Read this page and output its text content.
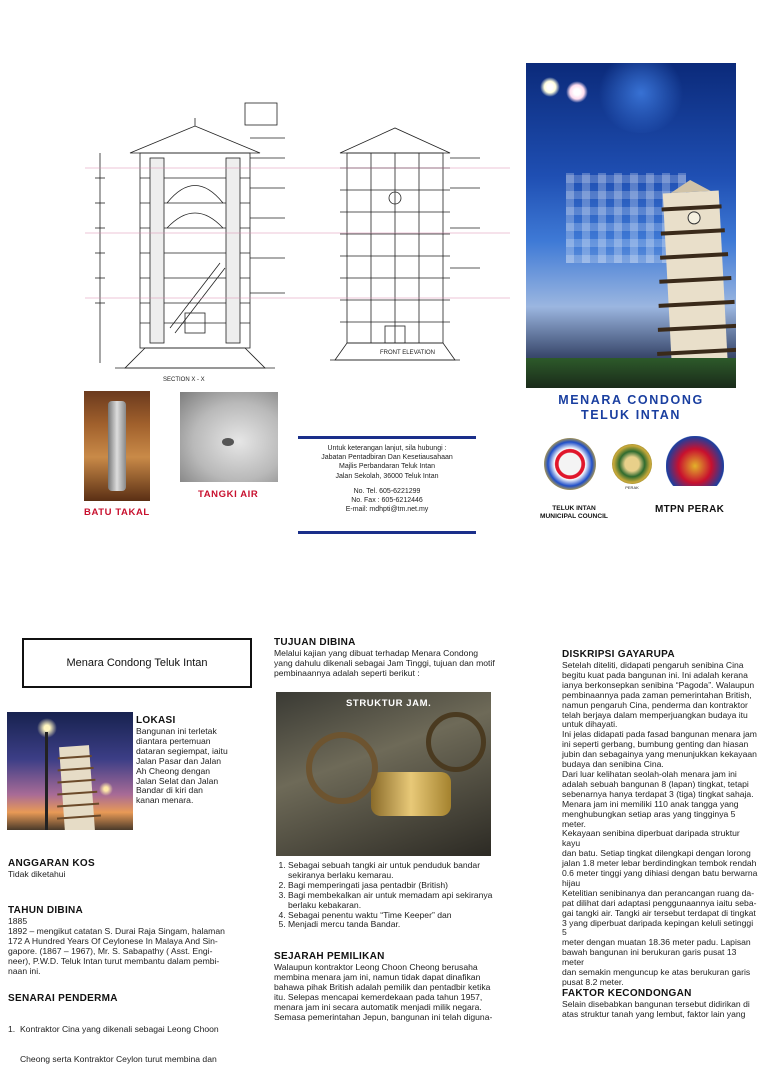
SECTION X - X
FRONT ELEVATION
BATU TAKAL
TANGKI AIR
Untuk keterangan lanjut, sila hubungi :
Jabatan Pentadbiran Dan Kesetiausahaan
Majlis Perbandaran Teluk Intan
Jalan Sekolah, 36000 Teluk Intan
No. Tel. 605-6221299
No. Fax : 605-6212446
E-mail: mdhpti@tm.net.my
MENARA CONDONG
TELUK INTAN
PERAK
TELUK INTAN
MUNICIPAL COUNCIL
MTPN PERAK
Menara Condong Teluk Intan
LOKASI

Bangunan ini terletak

diantara pertemuan

dataran segiempat, iaitu

Jalan Pasar dan Jalan

Ah Cheong dengan

Jalan Selat dan Jalan

Bandar di kiri dan

kanan menara.

ANGGARAN KOS
Tidak diketahui
TAHUN DIBINA

1885

1892 – mengikut catatan S. Durai Raja Singam, halaman

172 A Hundred Years Of Ceylonese In Malaya And Sin-

gapore. (1867 – 1967), Mr. S. Sabapathy ( Asst. Engi-

neer), P.W.D. Teluk Intan turut membantu dalam pembi-

naan ini.

SENARAI PENDERMA

1.  Kontraktor Cina yang dikenali sebagai Leong Choon

Cheong serta Kontraktor Ceylon turut membina dan

TUJUAN DIBINA

Melalui kajian yang dibuat terhadap Menara Condong

yang dahulu dikenali sebagai Jam Tinggi, tujuan dan motif

pembinaannya adalah seperti berikut :

STRUKTUR JAM.
1. Sebagai sebuah tangki air untuk penduduk bandar
sekiranya berlaku kemarau.
2. Bagi memperingati jasa pentadbir (British)
3. Bagi membekalkan air untuk memadam api sekiranya
berlaku kebakaran.
4. Sebagai penentu waktu “Time Keeper” dan
5. Menjadi mercu tanda Bandar.
SEJARAH PEMILIKAN

Walaupun kontraktor Leong Choon Cheong berusaha

membina menara jam ini, namun tidak dapat dinafikan

bahawa pihak British adalah pemilik dan pentadbir ketika

itu. Selepas mencapai kemerdekaan pada tahun 1957,

menara jam ini secara automatik menjadi milik negara.

Semasa pemerintahan Jepun, bangunan ini telah diguna-

DISKRIPSI GAYARUPA

Setelah diteliti, didapati pengaruh senibina Cina

begitu kuat pada bangunan ini. Ini adalah kerana

ianya berkonsepkan senibina “Pagoda”. Walaupun

pembinaannya pada zaman pemerintahan British,

namun pengaruh Cina, penderma dan kontraktor

telah berjaya dalam memperjuangkan budaya itu

untuk dihayati.

Ini jelas didapati pada fasad bangunan menara jam

ini seperti gerbang, bumbung genting dan hiasan

jubin dan sebagainya yang menunjukkan kekayaan

budaya dan senibina Cina.

Dari luar kelihatan seolah-olah menara jam ini

adalah sebuah bangunan 8 (lapan) tingkat, tetapi

sebenarnya hanya terdapat 3 (tiga) tingkat sahaja.

Menara jam ini memiliki 110 anak tangga yang

menghubungkan setiap aras yang tingginya 5 meter.

Kekayaan senibina diperbuat daripada struktur kayu

dan batu. Setiap tingkat dilengkapi dengan lorong

jalan 1.8 meter lebar berdindingkan tembok rendah

0.6 meter tinggi yang dihiasi dengan batu berwarna

hijau

Ketelitian senibinanya dan perancangan ruang da-

pat dilihat dari adaptasi penggunaannya iaitu seba-

gai tangki air. Tangki air tersebut terdapat di tingkat

3 yang diperbuat daripada kepingan keluli setinggi 5

meter dengan muatan 18.36 meter padu. Lapisan

bawah bangunan ini berukuran garis pusat 13 meter

dan semakin menguncup ke atas berukuran garis

pusat 8.2 meter.

FAKTOR KECONDONGAN

Selain disebabkan bangunan tersebut didirikan di

atas struktur tanah yang lembut, faktor lain yang
